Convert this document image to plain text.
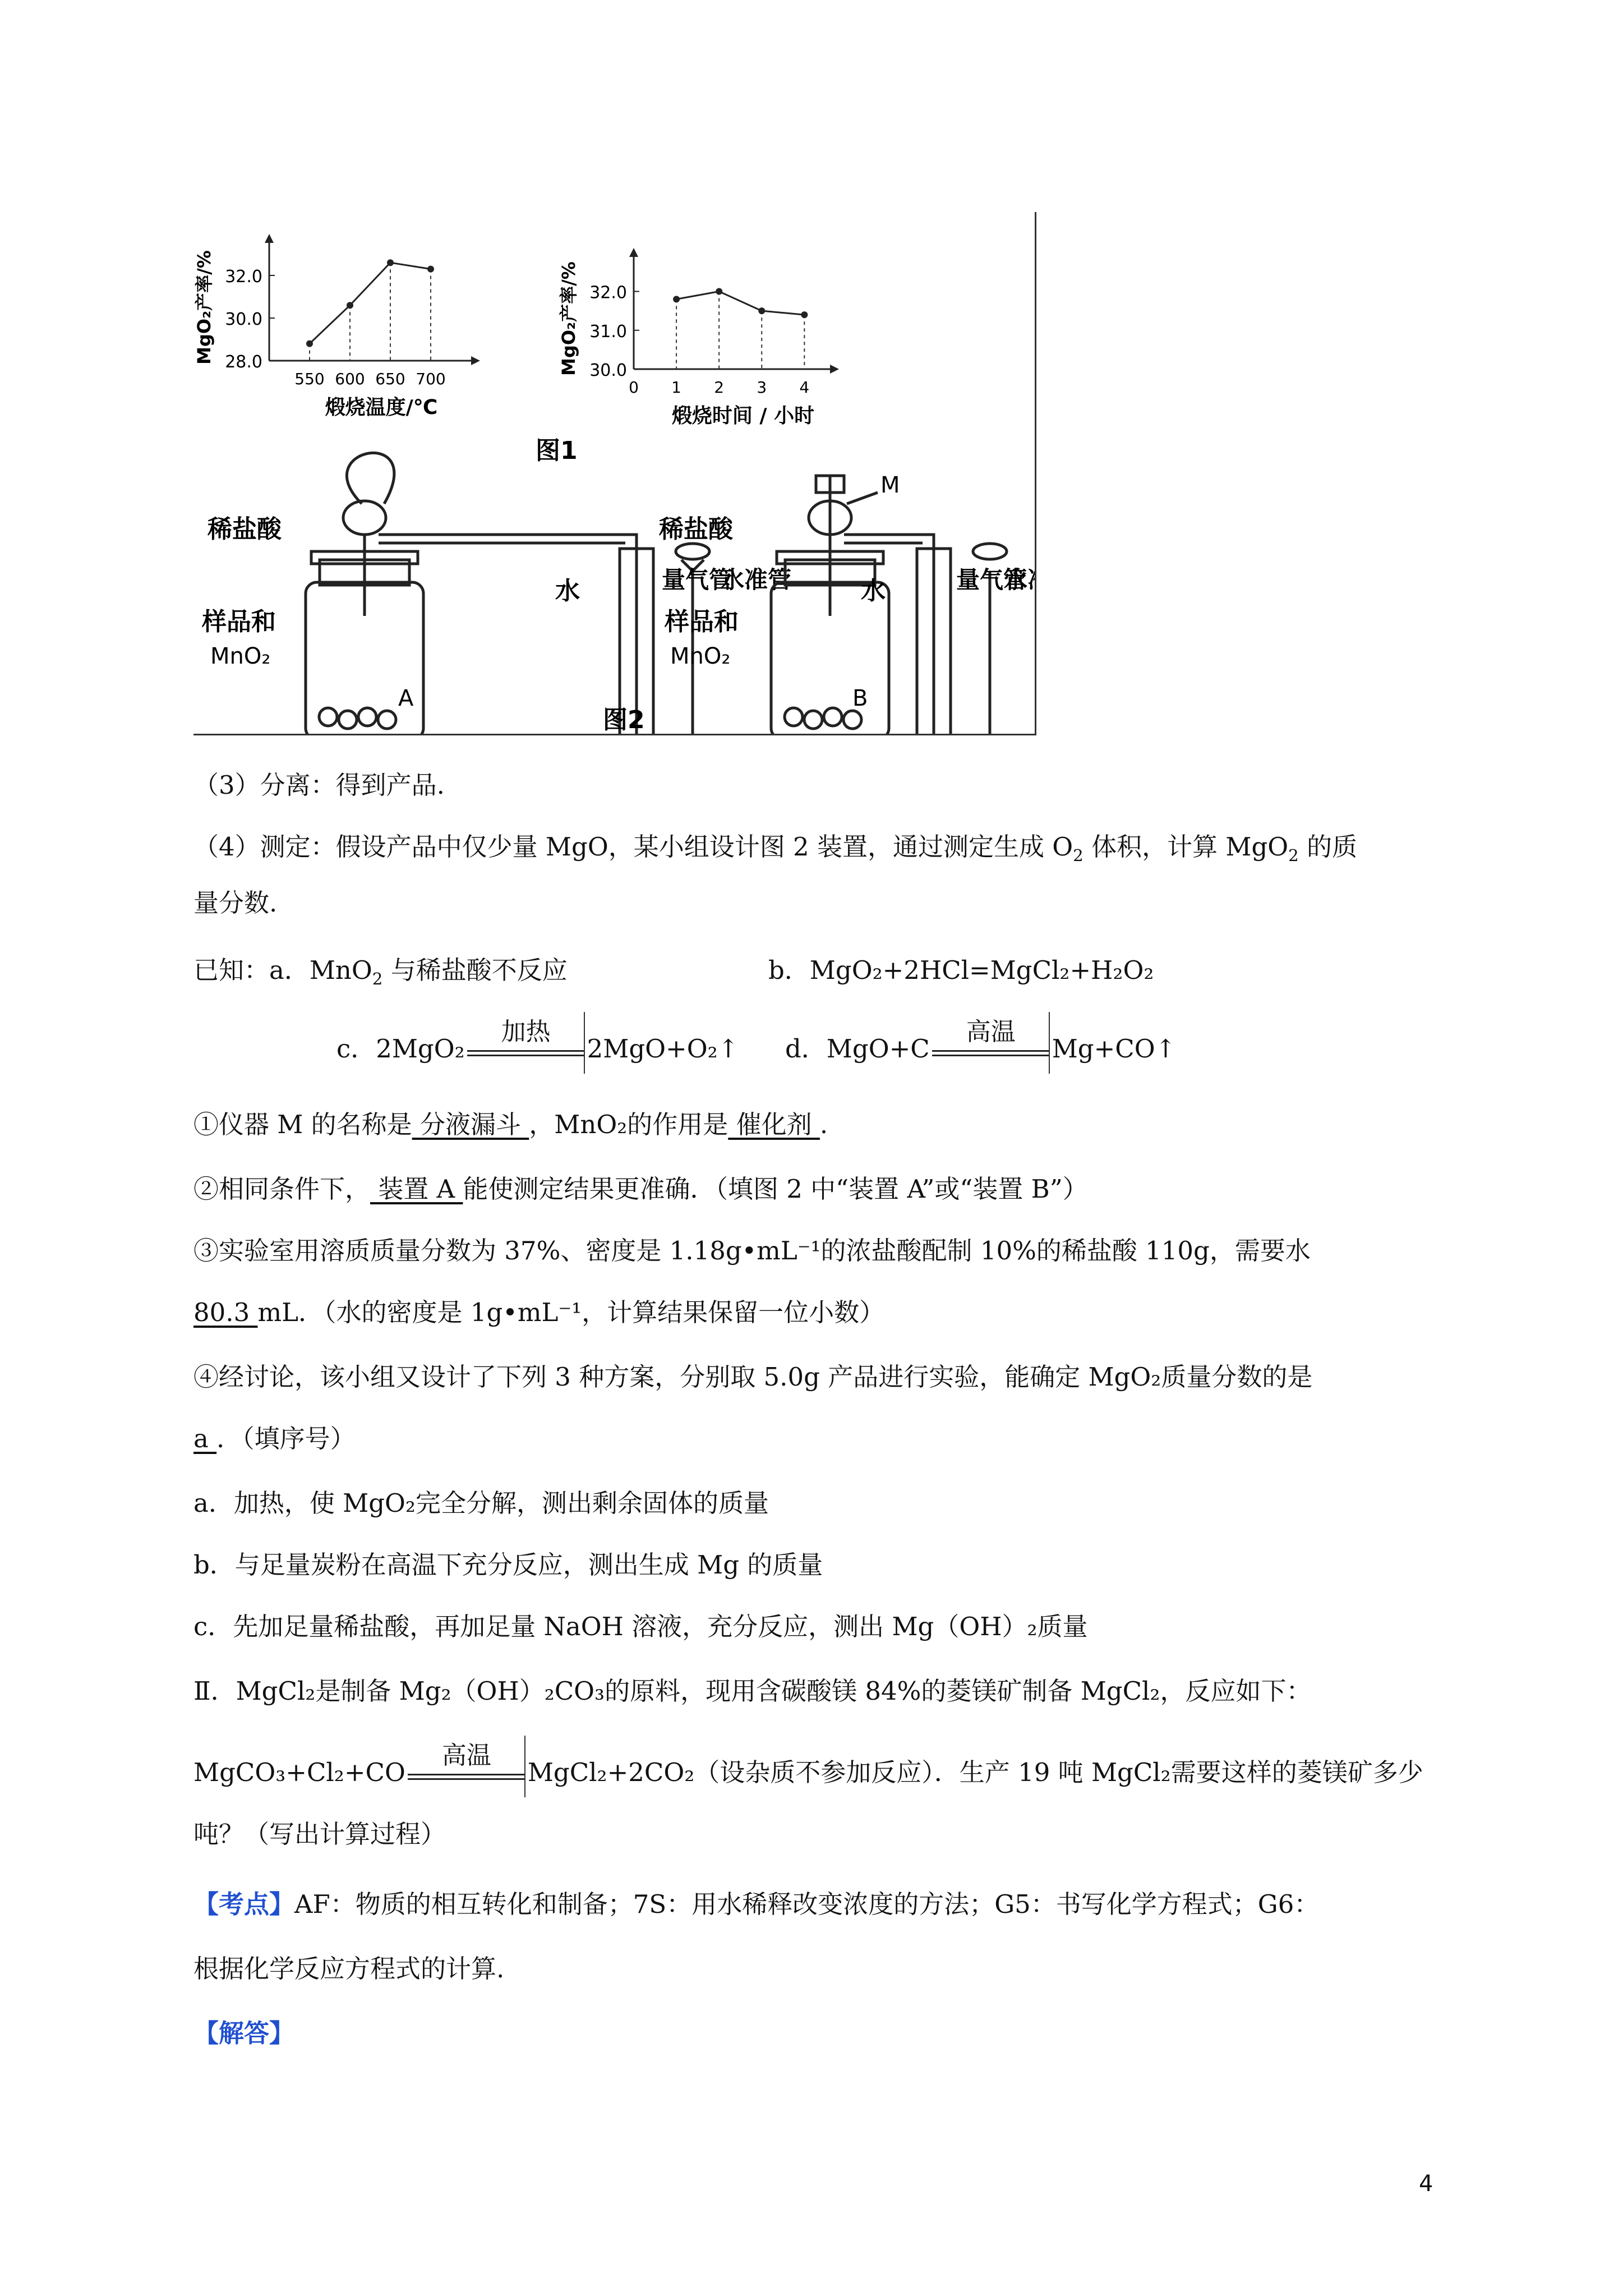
28.0
30.0
32.0
550 600 650 700
煅烧温度/℃
MgO₂产率/%
30.0
31.0
32.0
0 1 2 3 4
煅烧时间 / 小时
MgO₂产率/%
图1
稀盐酸
样品和
MnO₂
水	量气管
水准管
A
图2
M
稀盐酸
样品和
MnO₂
水	量气管
水
B
（3）分离：得到产品.
（4）测定：假设产品中仅少量 MgO，某小组设计图 2 装置，通过测定生成 $O_2$ 体积，计算 MgO$_2$ 的质
量分数.
已知：a．MnO$_2$ 与稀盐酸不反应	b．MgO₂+2HCl=MgCl₂+H₂O₂
c．2MgO₂
加热
2MgO+O₂↑ d．MgO+C
高温
Mg+CO↑
①仪器 M 的名称是 分液漏斗 ，MnO₂的作用是 催化剂 .
②相同条件下， 装置 A 能使测定结果更准确．（填图 2 中“装置 A”或“装置 B”）
③实验室用溶质质量分数为 37%、密度是 1.18g•mL⁻¹的浓盐酸配制 10%的稀盐酸 110g，需要水
80.3 mL．（水的密度是 1g•mL⁻¹，计算结果保留一位小数）
④经讨论，该小组又设计了下列 3 种方案，分别取 5.0g 产品进行实验，能确定 MgO₂质量分数的是
a ．（填序号）
a．加热，使 MgO₂完全分解，测出剩余固体的质量
b．与足量炭粉在高温下充分反应，测出生成 Mg 的质量
c．先加足量稀盐酸，再加足量 NaOH 溶液，充分反应，测出 Mg（OH）₂质量
Ⅱ．MgCl₂是制备 Mg₂（OH）₂CO₃的原料，现用含碳酸镁 84%的菱镁矿制备 MgCl₂，反应如下：
MgCO₃+Cl₂+CO
高温
MgCl₂+2CO₂（设杂质不参加反应）．生产 19 吨 MgCl₂需要这样的菱镁矿多少
吨？（写出计算过程）
【考点】AF：物质的相互转化和制备；7S：用水稀释改变浓度的方法；G5：书写化学方程式；G6：
根据化学反应方程式的计算.
【解答】
4
